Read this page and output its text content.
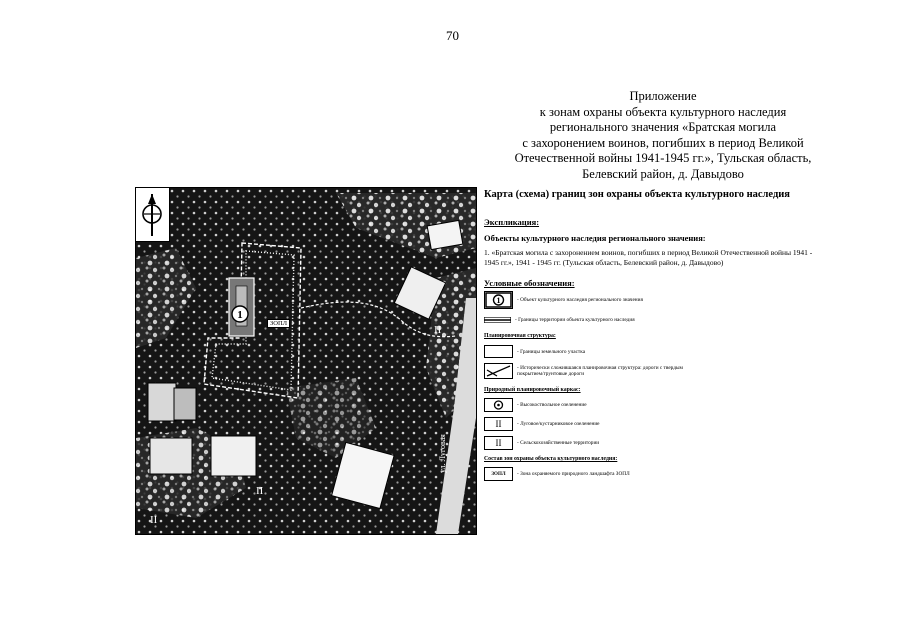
70
Приложение
к зонам охраны объекта культурного наследия
регионального значения «Братская могила
с захоронением воинов, погибших в период Великой
Отечественной войны 1941-1945 гг.», Тульская область,
Белевский район, д. Давыдово
1
II
II
II
ул. Луговая
ЗОПЛ
Карта (схема) границ зон охраны объекта культурного наследия
Экспликация:
Объекты культурного наследия регионального значения:
1. «Братская могила с захоронением воинов, погибших в период Великой Отечественной войны 1941 - 1945 гг.», 1941 - 1945 гг. (Тульская область, Белевский район, д. Давыдово)
Условные обозначения:
1	- Объект культурного наследия регионального значения
- Границы территории объекта культурного наследия
Планировочная структура:
- Границы земельного участка
- Исторически сложившаяся планировочная структура: дороги с твердым покрытием/грунтовые дороги
Природный планировочный каркас:
- Высокоствольное озеленение
II	- Луговое/кустарниковое озеленение
II	- Сельскохозяйственные территории
Состав зон охраны объекта культурного наследия:
ЗОПЛ	- Зона охраняемого природного ландшафта ЗОПЛ
